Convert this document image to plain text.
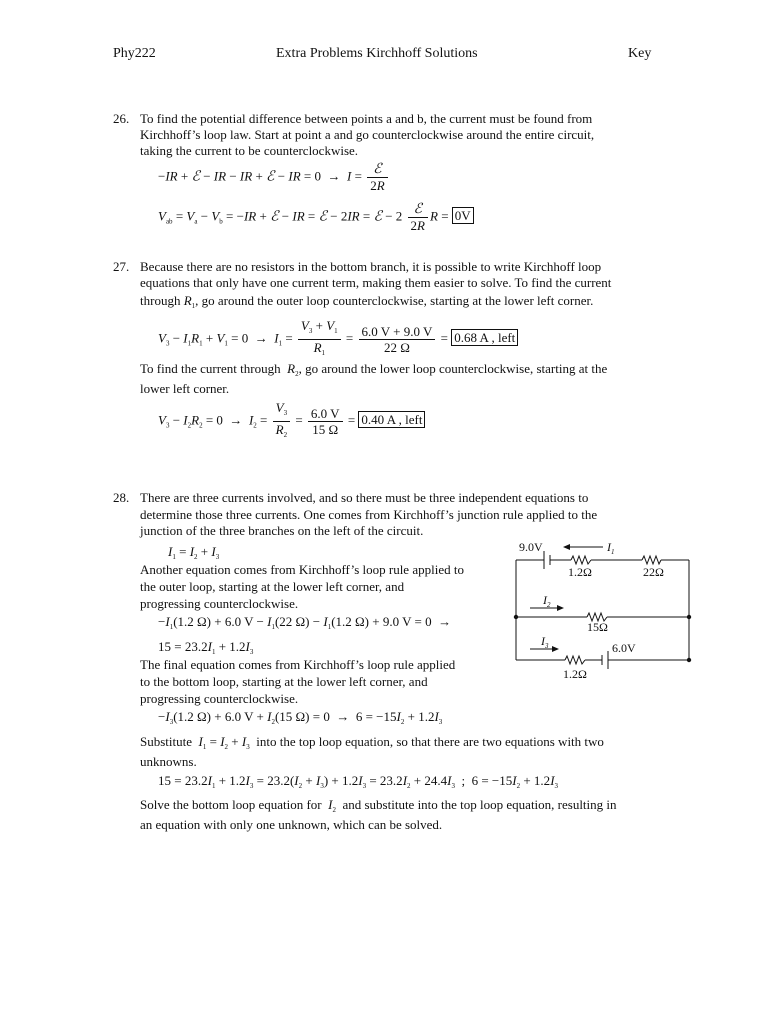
Phy222	Extra Problems Kirchhoff Solutions	Key
26. To find the potential difference between points a and b, the current must be found from
Kirchhoff’s loop law. Start at point a and go counterclockwise around the entire circuit,
taking the current to be counterclockwise.
−IR + ℰ − IR − IR + ℰ − IR = $0 \to I = \frac{\text{ℰ}}{2R}$
$V_{ab} = V_a - V_b = -IR$ + ℰ − IR = ℰ − 2IR = ℰ − $2 \frac{\text{ℰ}}{2R}$ R = 0V
27. Because there are no resistors in the bottom branch, it is possible to write Kirchhoff loop
equations that only have one current term, making them easier to solve. To find the current
through $R_1$, go around the outer loop counterclockwise, starting at the lower left corner.
$V_3 - I_1R_1 + V_1 = 0 \to I_1 = \frac{V_3 + V_1}{R_1} = \frac{6.0 V + 9.0 V}{22 \Omega} = 0.68$ A , left
To find the current through $R_2$, go around the lower loop counterclockwise, starting at the
lower left corner.
$V_3 - I_2R_2 = 0 \to I_2 = \frac{V_3}{R_2} = \frac{6.0 V}{15 \Omega} = 0.40$ A , left
28. There are three currents involved, and so there must be three independent equations to
determine those three currents. One comes from Kirchhoff’s junction rule applied to the
junction of the three branches on the left of the circuit.
$I_1 = I_2 + I_3$
Another equation comes from Kirchhoff’s loop rule applied to
the outer loop, starting at the lower left corner, and
progressing counterclockwise.
$-I_1(1.2$ Ω) + 6.0 $V - I_1(22$ $\Omega) - I_1(1.2$ Ω) + 9.0 V = 0  →
$15 = 23.2I_1 + 1.2I_3$
The final equation comes from Kirchhoff’s loop rule applied
to the bottom loop, starting at the lower left corner, and
progressing counterclockwise.
$-I_3(1.2$ Ω) + 6.0 $V + I_2(15$ $\Omega) = 0 \to 6 = -15I_2 + 1.2I_3$
Substitute $I_1 = I_2 + I_3$ into the top loop equation, so that there are two equations with two
unknowns.
$15 = 23.2I_1 + 1.2I_3 = 23.2(I_2 + I_3) + 1.2I_3 = 23.2I_2 + 24.4I_3$  ;  $6 = -15I_2 + 1.2I_3$
Solve the bottom loop equation for $I_2$ and substitute into the top loop equation, resulting in
an equation with only one unknown, which can be solved.
9.0V	$I_1$
1.2Ω	22Ω
$I_2$
15Ω
$I_3$	6.0V
1.2Ω
